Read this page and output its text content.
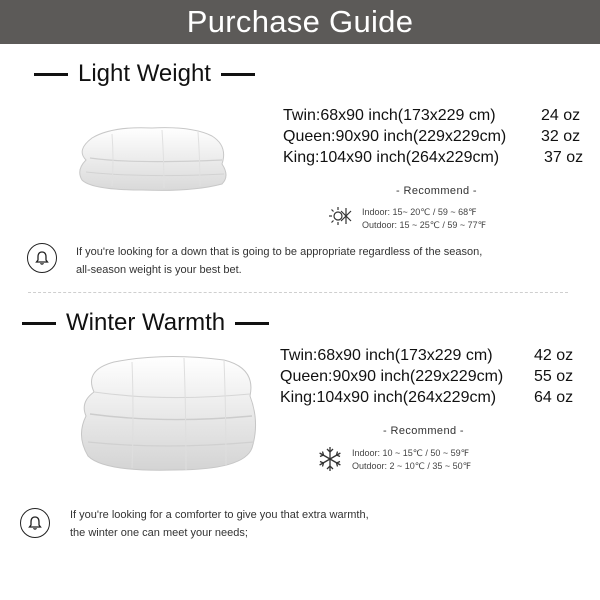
Purchase Guide
Light Weight
Twin:68x90 inch(173x229 cm)	24 oz
Queen:90x90 inch(229x229cm) 32 oz
King:104x90 inch(264x229cm)	37 oz
- Recommend -
Indoor: 15~ 20℃ / 59 ~ 68℉
Outdoor: 15 ~ 25℃ / 59 ~ 77℉
If you're looking for a down that is going to be appropriate regardless of the season,
all-season weight is your best bet.
Winter Warmth
Twin:68x90 inch(173x229 cm)	42 oz
Queen:90x90 inch(229x229cm) 55 oz
King:104x90 inch(264x229cm) 64 oz
- Recommend -
Indoor: 10 ~ 15℃ / 50 ~ 59℉
Outdoor: 2 ~ 10℃ / 35 ~ 50℉
If you're looking for a comforter to give you that extra warmth,
the winter one can meet your needs;
